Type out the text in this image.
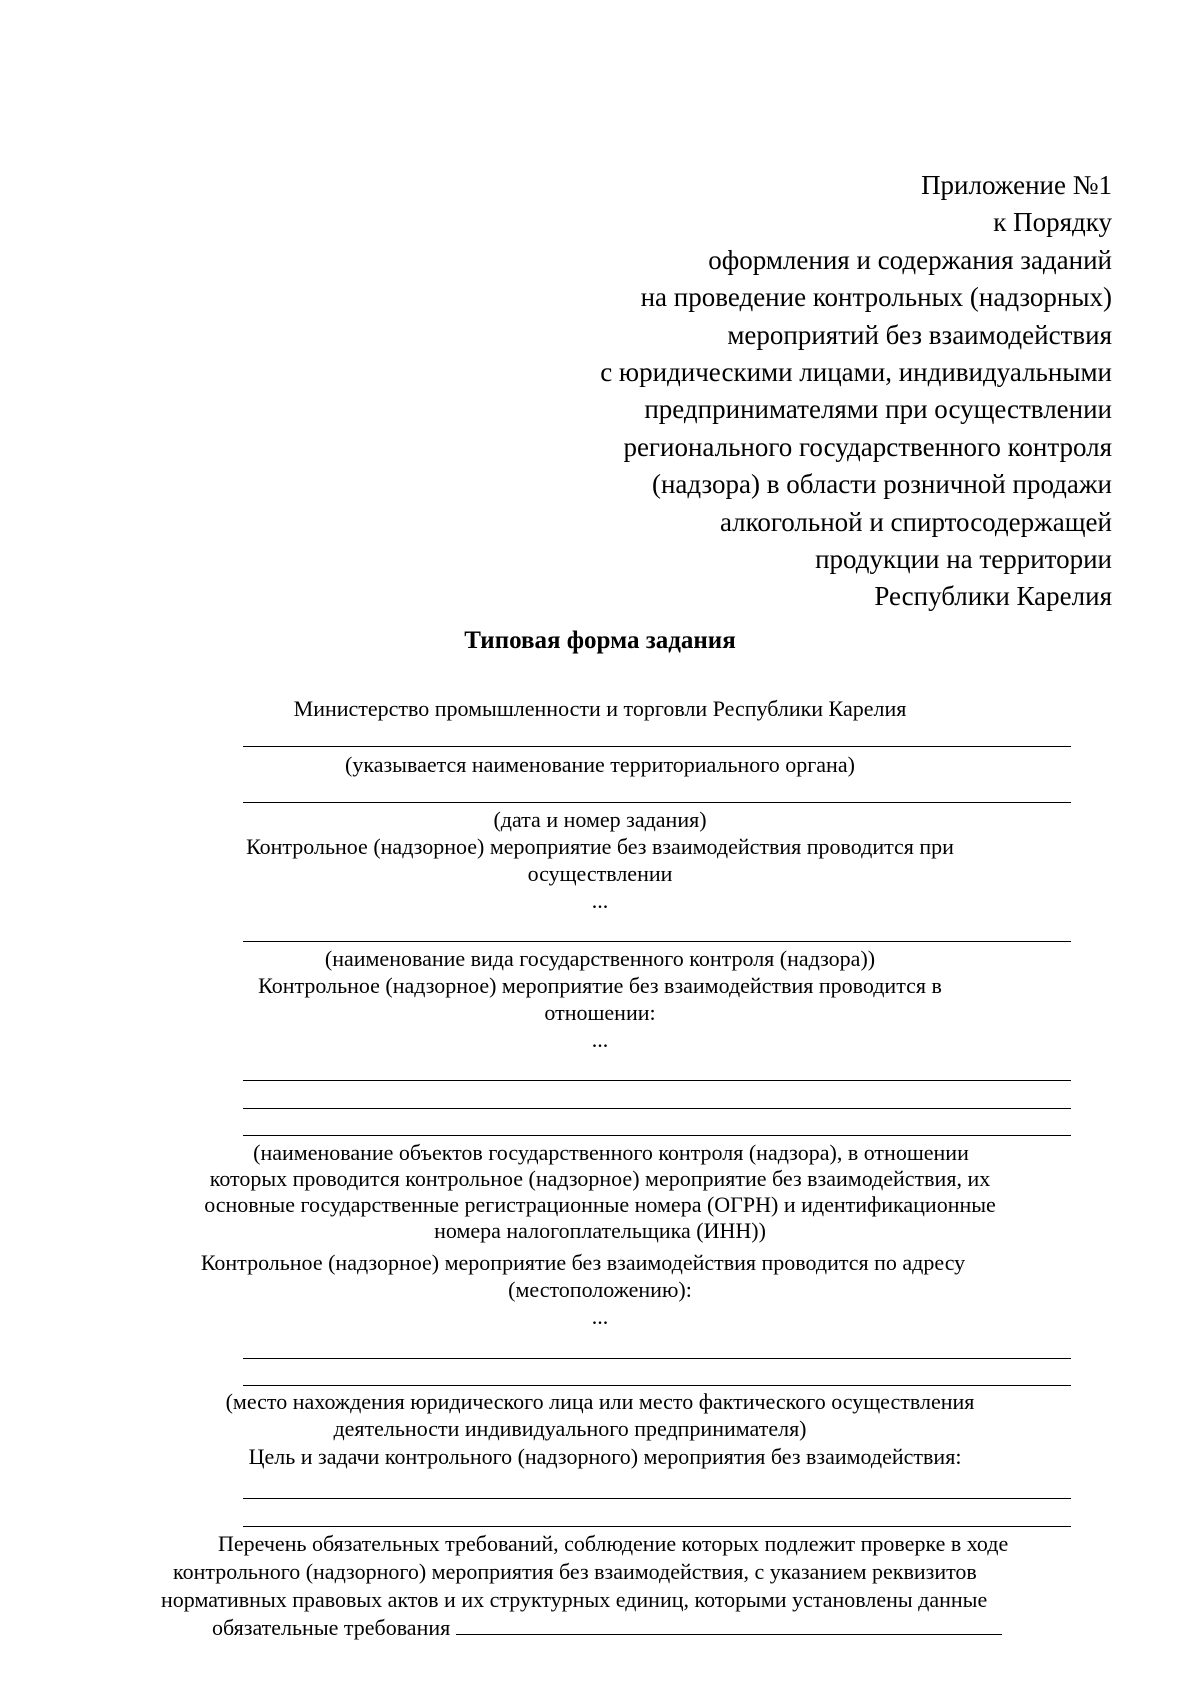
Приложение №1
к Порядку
оформления и содержания заданий
на проведение контрольных (надзорных)
мероприятий без взаимодействия
с юридическими лицами, индивидуальными
предпринимателями при осуществлении
регионального государственного контроля
(надзора) в области розничной продажи
алкогольной и спиртосодержащей
продукции на территории
Республики Карелия
Типовая форма задания
Министерство промышленности и торговли Республики Карелия
(указывается наименование территориального органа)
(дата и номер задания)
Контрольное (надзорное) мероприятие без взаимодействия проводится при
осуществлении
...
(наименование вида государственного контроля (надзора))
Контрольное (надзорное) мероприятие без взаимодействия проводится в
отношении:
...
(наименование объектов государственного контроля (надзора), в отношении
которых проводится контрольное (надзорное) мероприятие без взаимодействия, их
основные государственные регистрационные номера (ОГРН) и идентификационные
номера налогоплательщика (ИНН))
Контрольное (надзорное) мероприятие без взаимодействия проводится по адресу
(местоположению):
...
(место нахождения юридического лица или место фактического осуществления
деятельности индивидуального предпринимателя)
Цель и задачи контрольного (надзорного) мероприятия без взаимодействия:
Перечень обязательных требований, соблюдение которых подлежит проверке в ходе
контрольного (надзорного) мероприятия без взаимодействия, с указанием реквизитов
нормативных правовых актов и их структурных единиц, которыми установлены данные
обязательные требования
